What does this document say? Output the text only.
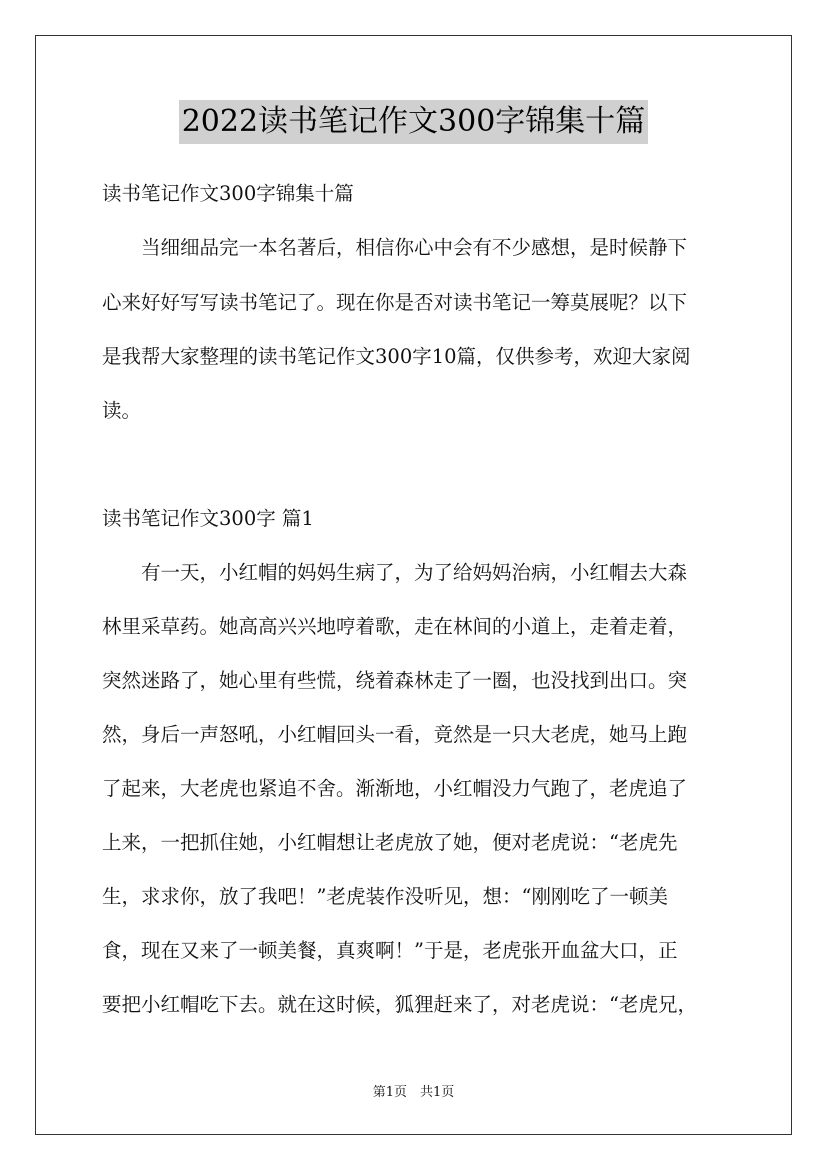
2022读书笔记作文300字锦集十篇
读书笔记作文300字锦集十篇
　　当细细品完一本名著后，相信你心中会有不少感想，是时候静下
心来好好写写读书笔记了。现在你是否对读书笔记一筹莫展呢？以下
是我帮大家整理的读书笔记作文300字10篇，仅供参考，欢迎大家阅
读。
读书笔记作文300字 篇1
　　有一天，小红帽的妈妈生病了，为了给妈妈治病，小红帽去大森
林里采草药。她高高兴兴地哼着歌，走在林间的小道上，走着走着，
突然迷路了，她心里有些慌，绕着森林走了一圈，也没找到出口。突
然，身后一声怒吼，小红帽回头一看，竟然是一只大老虎，她马上跑
了起来，大老虎也紧追不舍。渐渐地，小红帽没力气跑了，老虎追了
上来，一把抓住她，小红帽想让老虎放了她，便对老虎说：“老虎先
生，求求你，放了我吧！”老虎装作没听见，想：“刚刚吃了一顿美
食，现在又来了一顿美餐，真爽啊！”于是，老虎张开血盆大口，正
要把小红帽吃下去。就在这时候，狐狸赶来了，对老虎说：“老虎兄，
第1页　共1页
